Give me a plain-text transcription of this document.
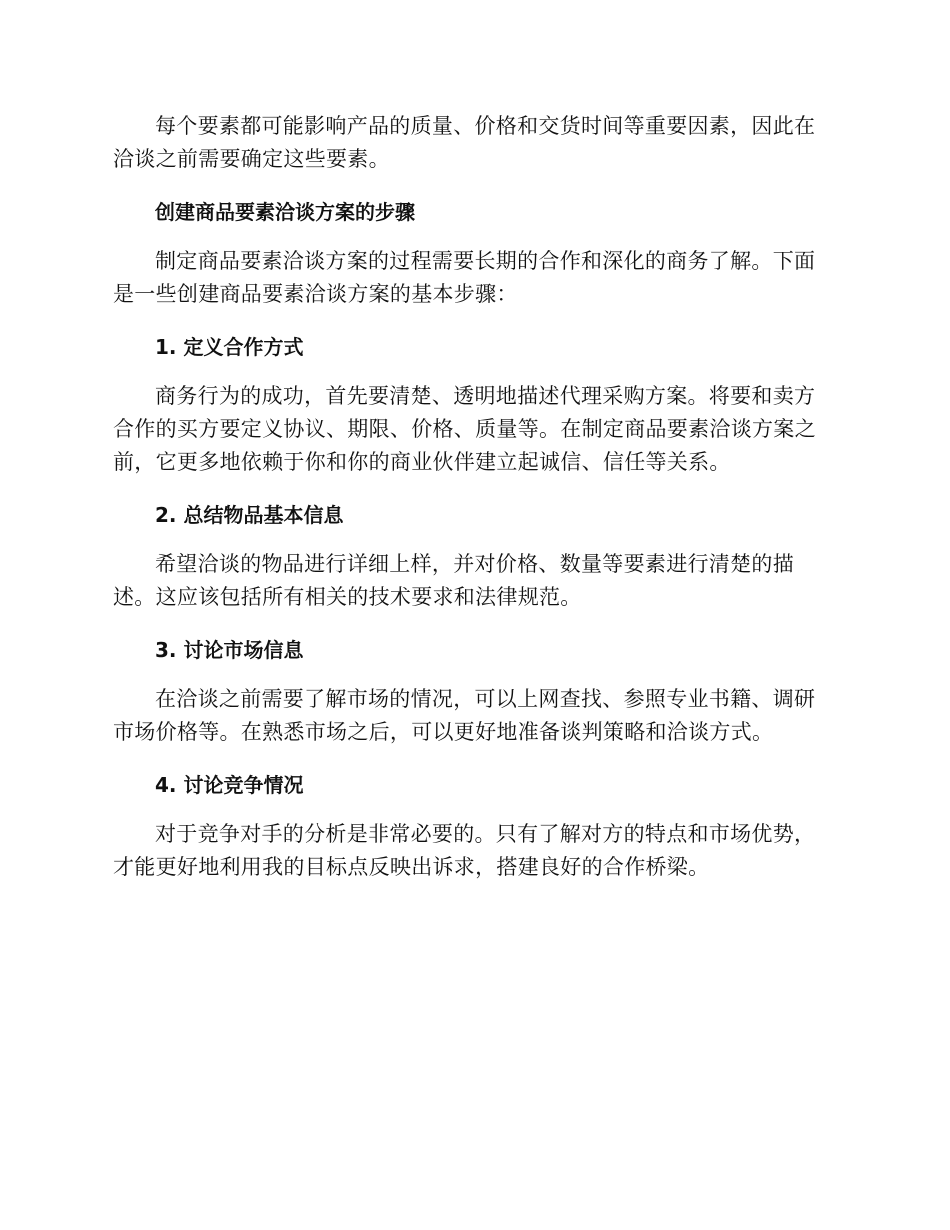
每个要素都可能影响产品的质量、价格和交货时间等重要因素，因此在洽谈之前需要确定这些要素。

创建商品要素洽谈方案的步骤

制定商品要素洽谈方案的过程需要长期的合作和深化的商务了解。下面是一些创建商品要素洽谈方案的基本步骤：

1. 定义合作方式

商务行为的成功，首先要清楚、透明地描述代理采购方案。将要和卖方合作的买方要定义协议、期限、价格、质量等。在制定商品要素洽谈方案之前，它更多地依赖于你和你的商业伙伴建立起诚信、信任等关系。

2. 总结物品基本信息

希望洽谈的物品进行详细上样，并对价格、数量等要素进行清楚的描述。这应该包括所有相关的技术要求和法律规范。

3. 讨论市场信息

在洽谈之前需要了解市场的情况，可以上网查找、参照专业书籍、调研市场价格等。在熟悉市场之后，可以更好地准备谈判策略和洽谈方式。

4. 讨论竞争情况

对于竞争对手的分析是非常必要的。只有了解对方的特点和市场优势，才能更好地利用我的目标点反映出诉求，搭建良好的合作桥梁。
